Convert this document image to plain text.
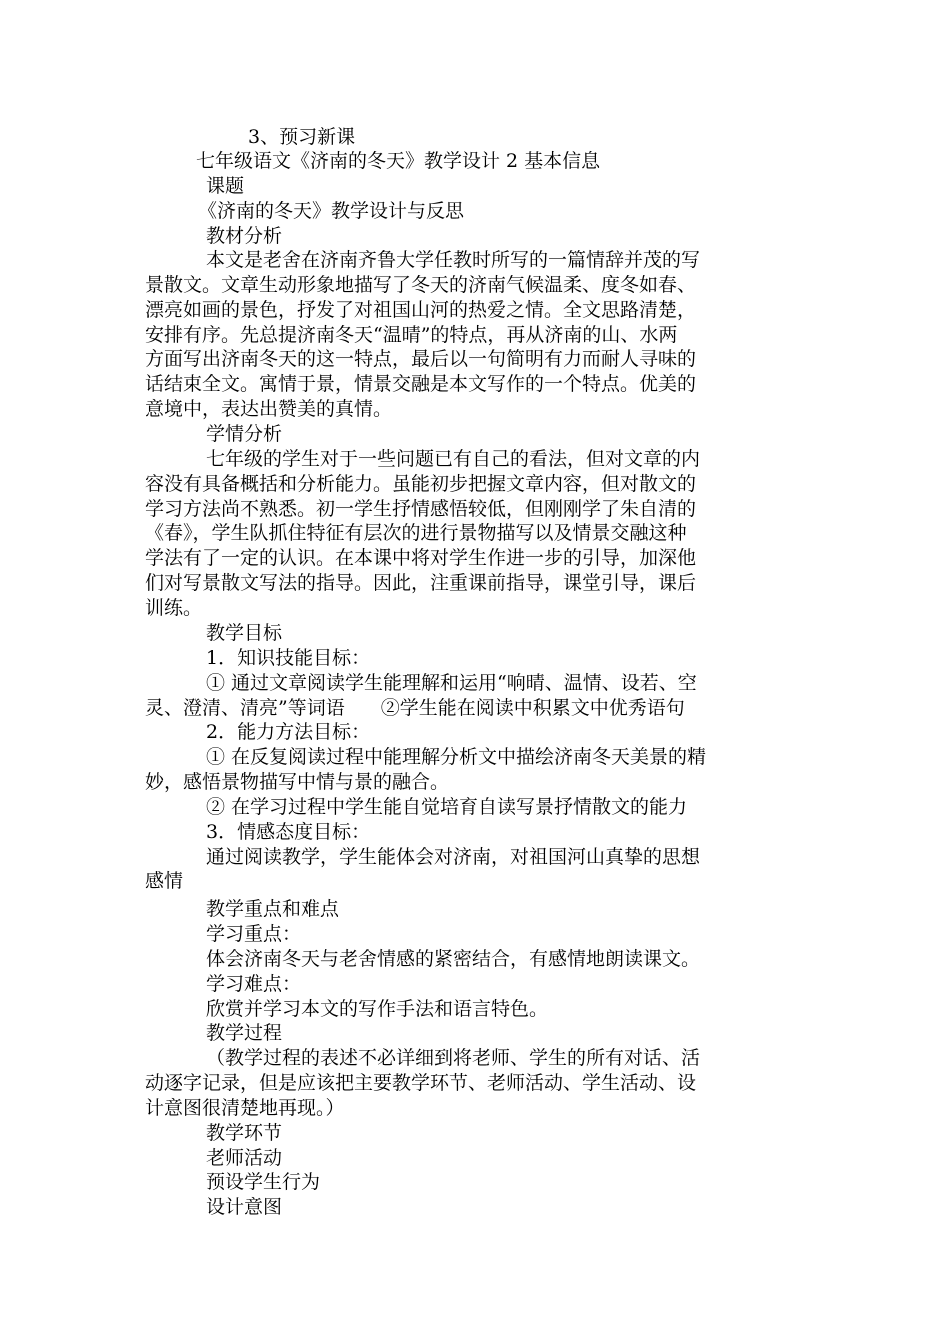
3、预习新课
七年级语文《济南的冬天》教学设计 2 基本信息
课题
《济南的冬天》教学设计与反思
教材分析
本文是老舍在济南齐鲁大学任教时所写的一篇情辞并茂的写
景散文。文章生动形象地描写了冬天的济南气候温柔、度冬如春、
漂亮如画的景色，抒发了对祖国山河的热爱之情。全文思路清楚，
安排有序。先总提济南冬天“温晴”的特点，再从济南的山、水两
方面写出济南冬天的这一特点，最后以一句简明有力而耐人寻味的
话结束全文。寓情于景，情景交融是本文写作的一个特点。优美的
意境中，表达出赞美的真情。
学情分析
七年级的学生对于一些问题已有自己的看法，但对文章的内
容没有具备概括和分析能力。虽能初步把握文章内容，但对散文的
学习方法尚不熟悉。初一学生抒情感悟较低，但刚刚学了朱自清的
《春》，学生队抓住特征有层次的进行景物描写以及情景交融这种
学法有了一定的认识。在本课中将对学生作进一步的引导，加深他
们对写景散文写法的指导。因此，注重课前指导，课堂引导，课后
训练。
教学目标
1．知识技能目标：
① 通过文章阅读学生能理解和运用“响晴、温情、设若、空
灵、澄清、清亮”等词语 ②学生能在阅读中积累文中优秀语句
2．能力方法目标：
① 在反复阅读过程中能理解分析文中描绘济南冬天美景的精
妙，感悟景物描写中情与景的融合。
② 在学习过程中学生能自觉培育自读写景抒情散文的能力
3．情感态度目标：
通过阅读教学，学生能体会对济南，对祖国河山真挚的思想
感情
教学重点和难点
学习重点：
体会济南冬天与老舍情感的紧密结合，有感情地朗读课文。
学习难点：
欣赏并学习本文的写作手法和语言特色。
教学过程
（教学过程的表述不必详细到将老师、学生的所有对话、活
动逐字记录，但是应该把主要教学环节、老师活动、学生活动、设
计意图很清楚地再现。）
教学环节
老师活动
预设学生行为
设计意图
